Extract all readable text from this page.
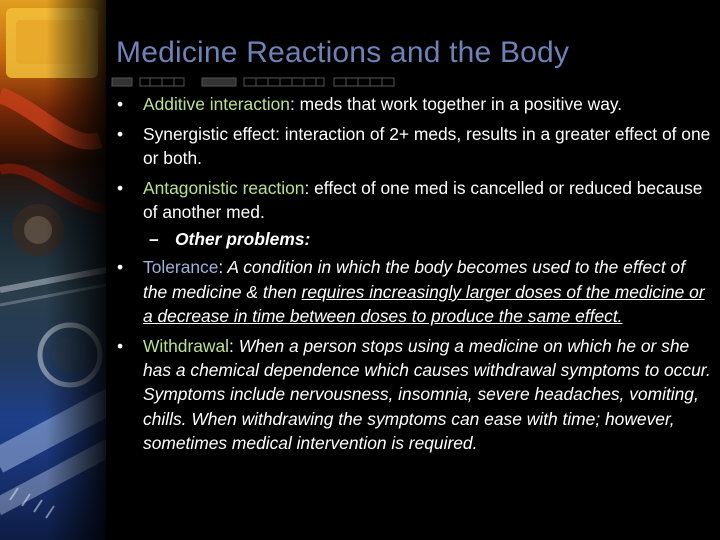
Medicine Reactions and the Body
• Additive interaction: meds that work together in a positive way.
• Synergistic effect: interaction of 2+ meds, results in a greater effect of one or both.
• Antagonistic reaction: effect of one med is cancelled or reduced because of another med.
– Other problems:
• Tolerance: A condition in which the body becomes used to the effect of the medicine & then requires increasingly larger doses of the medicine or a decrease in time between doses to produce the same effect.
• Withdrawal: When a person stops using a medicine on which he or she has a chemical dependence which causes withdrawal symptoms to occur. Symptoms include nervousness, insomnia, severe headaches, vomiting, chills. When withdrawing the symptoms can ease with time; however, sometimes medical intervention is required.
